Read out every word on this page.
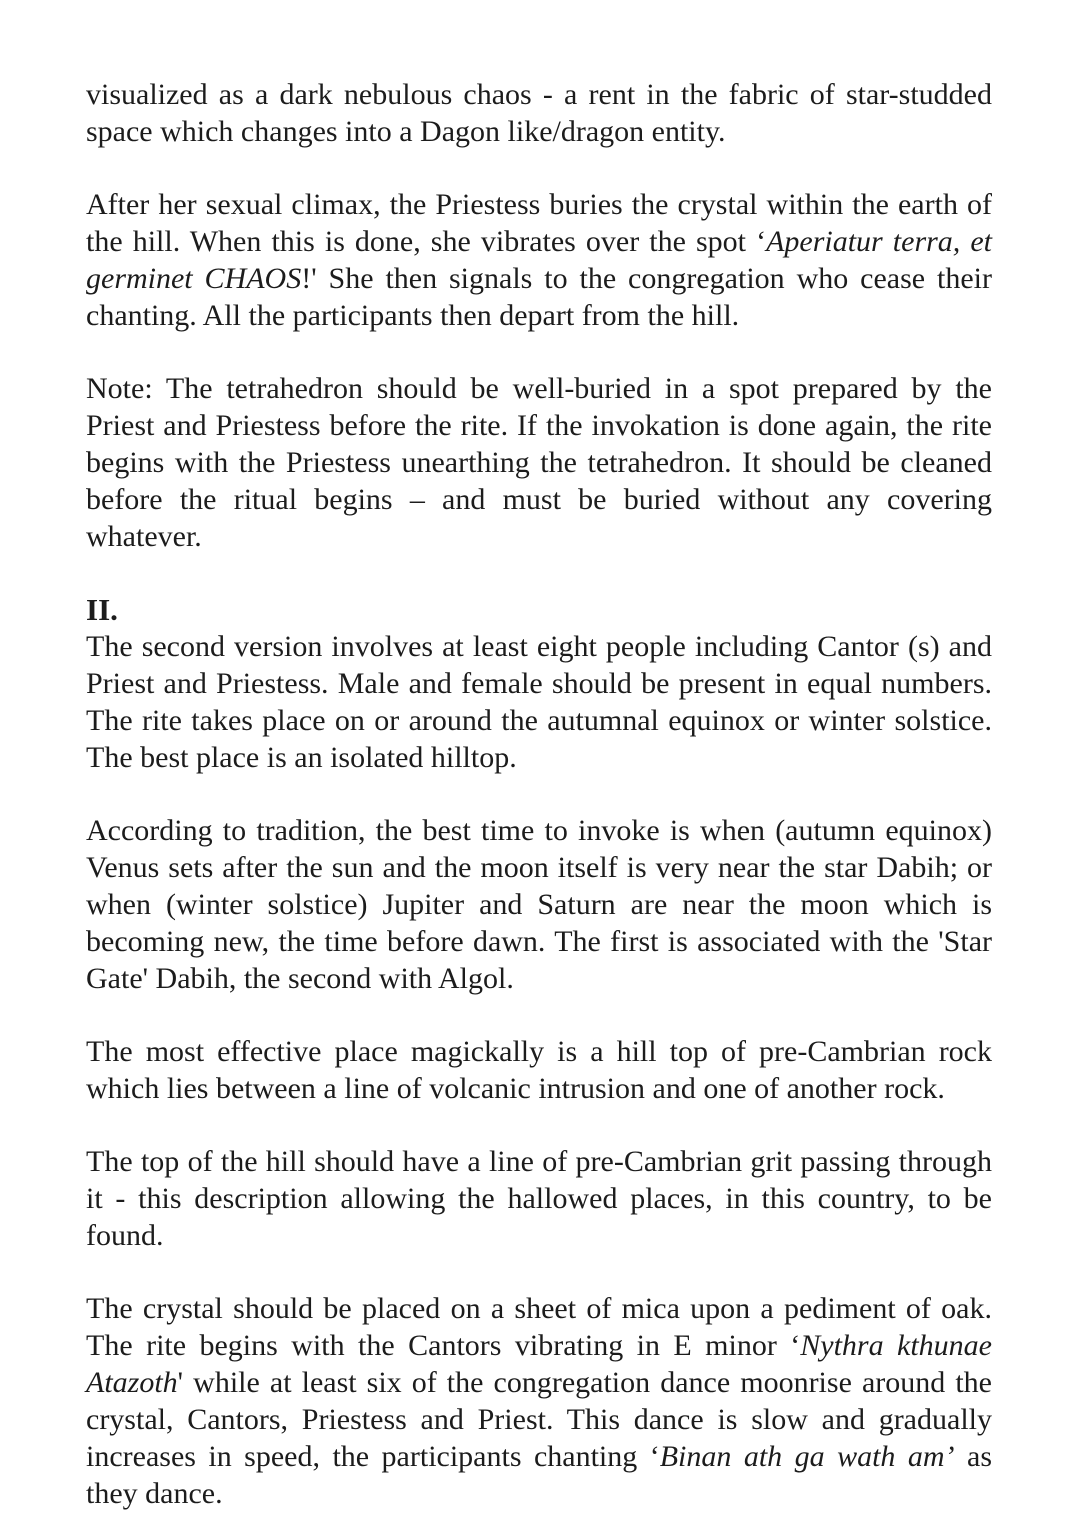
visualized as a dark nebulous chaos - a rent in the fabric of star-studded space which changes into a Dagon like/dragon entity.

After her sexual climax, the Priestess buries the crystal within the earth of the hill. When this is done, she vibrates over the spot ‘Aperiatur terra, et germinet CHAOS!' She then signals to the congregation who cease their chanting. All the participants then depart from the hill.

Note: The tetrahedron should be well-buried in a spot prepared by the Priest and Priestess before the rite. If the invokation is done again, the rite begins with the Priestess unearthing the tetrahedron. It should be cleaned before the ritual begins – and must be buried without any covering whatever.

II.

The second version involves at least eight people including Cantor (s) and Priest and Priestess. Male and female should be present in equal numbers. The rite takes place on or around the autumnal equinox or winter solstice. The best place is an isolated hilltop.

According to tradition, the best time to invoke is when (autumn equinox) Venus sets after the sun and the moon itself is very near the star Dabih; or when (winter solstice) Jupiter and Saturn are near the moon which is becoming new, the time before dawn. The first is associated with the 'Star Gate' Dabih, the second with Algol.

The most effective place magickally is a hill top of pre-Cambrian rock which lies between a line of volcanic intrusion and one of another rock.

The top of the hill should have a line of pre-Cambrian grit passing through it - this description allowing the hallowed places, in this country, to be found.

The crystal should be placed on a sheet of mica upon a pediment of oak. The rite begins with the Cantors vibrating in E minor ‘Nythra kthunae Atazoth' while at least six of the congregation dance moonrise around the crystal, Cantors, Priestess and Priest. This dance is slow and gradually increases in speed, the participants chanting ‘Binan ath ga wath am’ as they dance.
